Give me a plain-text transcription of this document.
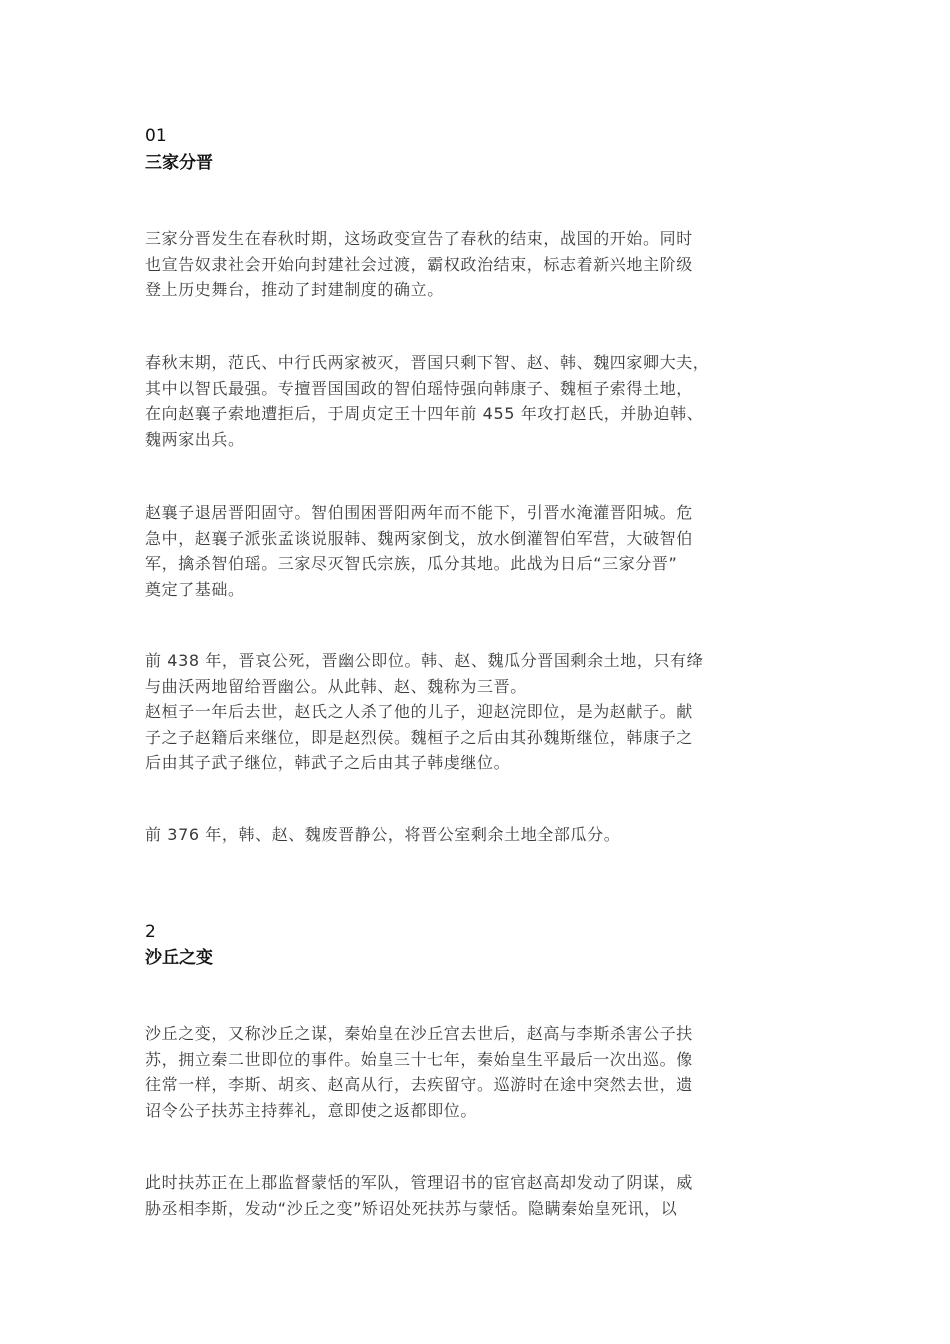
01
三家分晋
三家分晋发生在春秋时期，这场政变宣告了春秋的结束，战国的开始。同时
也宣告奴隶社会开始向封建社会过渡，霸权政治结束，标志着新兴地主阶级
登上历史舞台，推动了封建制度的确立。
春秋末期，范氏、中行氏两家被灭，晋国只剩下智、赵、韩、魏四家卿大夫，
其中以智氏最强。专擅晋国国政的智伯瑶恃强向韩康子、魏桓子索得土地，
在向赵襄子索地遭拒后，于周贞定王十四年前 455 年攻打赵氏，并胁迫韩、
魏两家出兵。
赵襄子退居晋阳固守。智伯围困晋阳两年而不能下，引晋水淹灌晋阳城。危
急中，赵襄子派张孟谈说服韩、魏两家倒戈，放水倒灌智伯军营，大破智伯
军，擒杀智伯瑶。三家尽灭智氏宗族，瓜分其地。此战为日后“三家分晋”
奠定了基础。
前 438 年，晋哀公死，晋幽公即位。韩、赵、魏瓜分晋国剩余土地，只有绛
与曲沃两地留给晋幽公。从此韩、赵、魏称为三晋。
赵桓子一年后去世，赵氏之人杀了他的儿子，迎赵浣即位，是为赵献子。献
子之子赵籍后来继位，即是赵烈侯。魏桓子之后由其孙魏斯继位，韩康子之
后由其子武子继位，韩武子之后由其子韩虔继位。
前 376 年，韩、赵、魏废晋静公，将晋公室剩余土地全部瓜分。
2
沙丘之变
沙丘之变，又称沙丘之谋，秦始皇在沙丘宫去世后，赵高与李斯杀害公子扶
苏，拥立秦二世即位的事件。始皇三十七年，秦始皇生平最后一次出巡。像
往常一样，李斯、胡亥、赵高从行，去疾留守。巡游时在途中突然去世，遗
诏令公子扶苏主持葬礼，意即使之返都即位。
此时扶苏正在上郡监督蒙恬的军队，管理诏书的宦官赵高却发动了阴谋，威
胁丞相李斯，发动“沙丘之变”矫诏处死扶苏与蒙恬。隐瞒秦始皇死讯，以
